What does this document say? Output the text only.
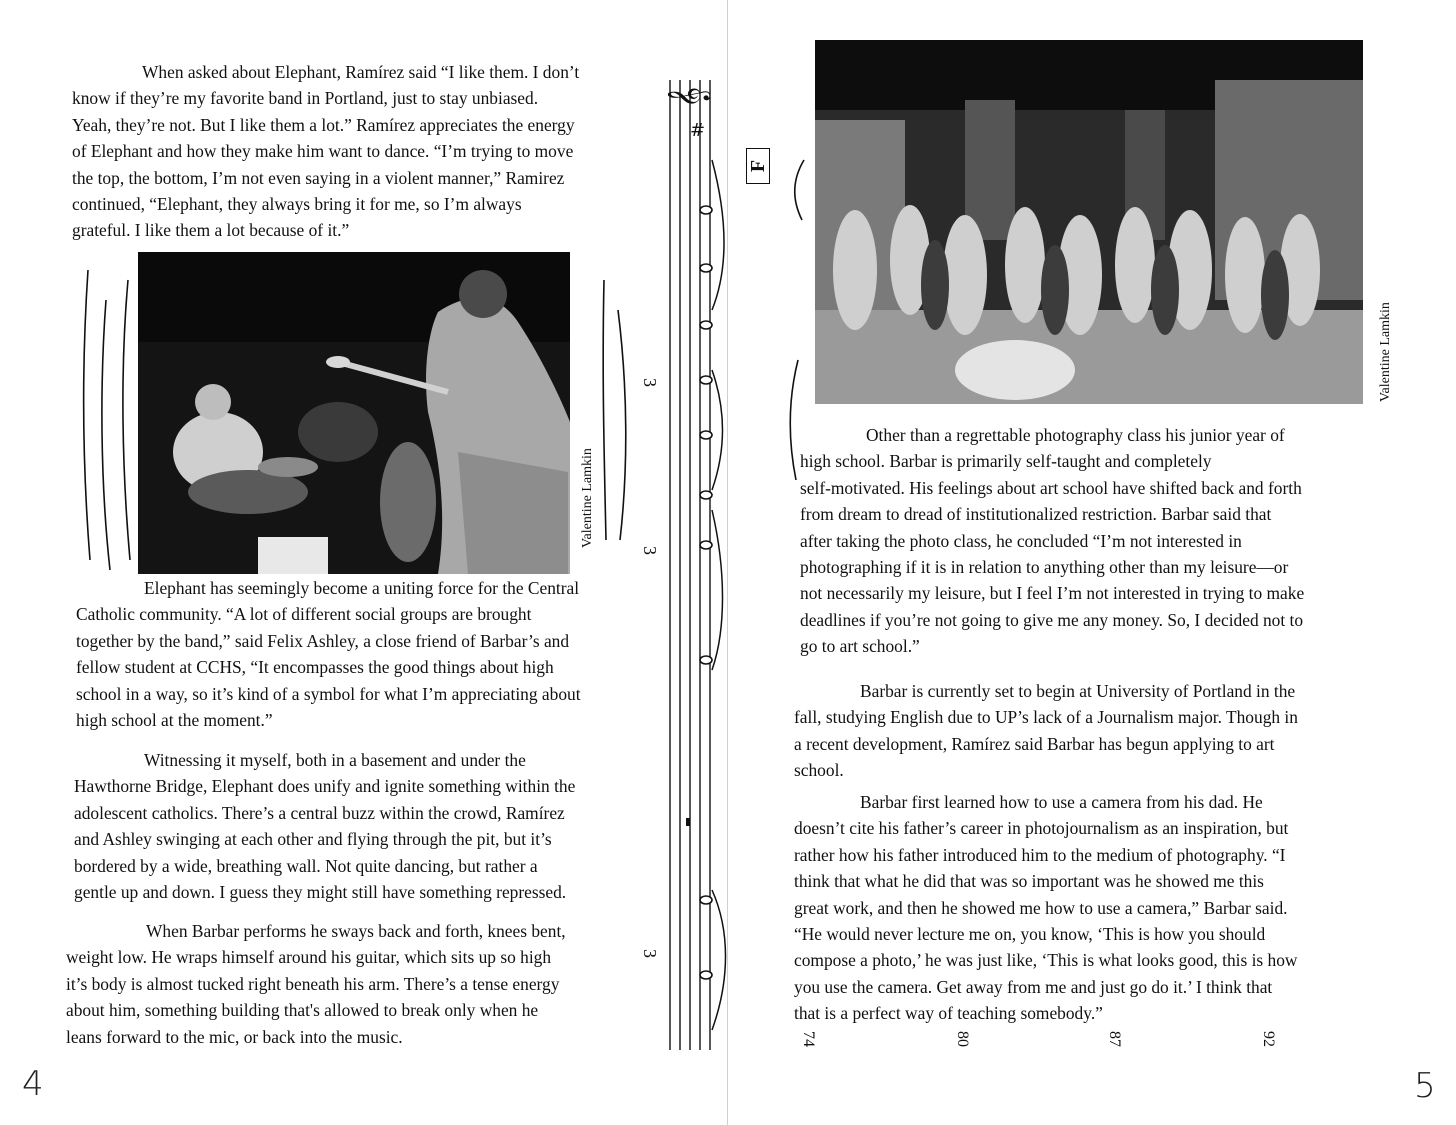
When asked about Elephant, Ramírez said “I like them. I don’t
know if they’re my favorite band in Portland, just to stay unbiased.
Yeah, they’re not. But I like them a lot.” Ramírez appreciates the energy
of Elephant and how they make him want to dance. “I’m trying to move
the top, the bottom, I’m not even saying in a violent manner,” Ramirez
continued, “Elephant, they always bring it for me, so I’m always
grateful. I like them a lot because of it.”

Valentine Lamkin

Elephant has seemingly become a uniting force for the Central
Catholic community. “A lot of different social groups are brought
together by the band,” said Felix Ashley, a close friend of Barbar’s and
fellow student at CCHS, “It encompasses the good things about high
school in a way, so it’s kind of a symbol for what I’m appreciating about
high school at the moment.”

Witnessing it myself, both in a basement and under the
Hawthorne Bridge, Elephant does unify and ignite something within the
adolescent catholics. There’s a central buzz within the crowd, Ramírez
and Ashley swinging at each other and flying through the pit, but it’s
bordered by a wide, breathing wall. Not quite dancing, but rather a
gentle up and down. I guess they might still have something repressed.

When Barbar performs he sways back and forth, knees bent,
weight low. He wraps himself around his guitar, which sits up so high
it’s body is almost tucked right beneath his arm. There’s a tense energy
about him, something building that's allowed to break only when he
leans forward to the mic, or back into the music.

𝄞
#
3
3
3
4
F
Valentine Lamkin

Other than a regrettable photography class his junior year of
high school. Barbar is primarily self-taught and completely
self-motivated. His feelings about art school have shifted back and forth
from dream to dread of institutionalized restriction. Barbar said that
after taking the photo class, he concluded “I’m not interested in
photographing if it is in relation to anything other than my leisure—or
not necessarily my leisure, but I feel I’m not interested in trying to make
deadlines if you’re not going to give me any money. So, I decided not to
go to art school.”

Barbar is currently set to begin at University of Portland in the
fall, studying English due to UP’s lack of a Journalism major. Though in
a recent development, Ramírez said Barbar has begun applying to art
school.

Barbar first learned how to use a camera from his dad. He
doesn’t cite his father’s career in photojournalism as an inspiration, but
rather how his father introduced him to the medium of photography. “I
think that what he did that was so important was he showed me this
great work, and then he showed me how to use a camera,” Barbar said.
“He would never lecture me on, you know, ‘This is how you should
compose a photo,’ he was just like, ‘This is what looks good, this is how
you use the camera. Get away from me and just go do it.’ I think that
that is a perfect way of teaching somebody.”

74	80	87	92
5
